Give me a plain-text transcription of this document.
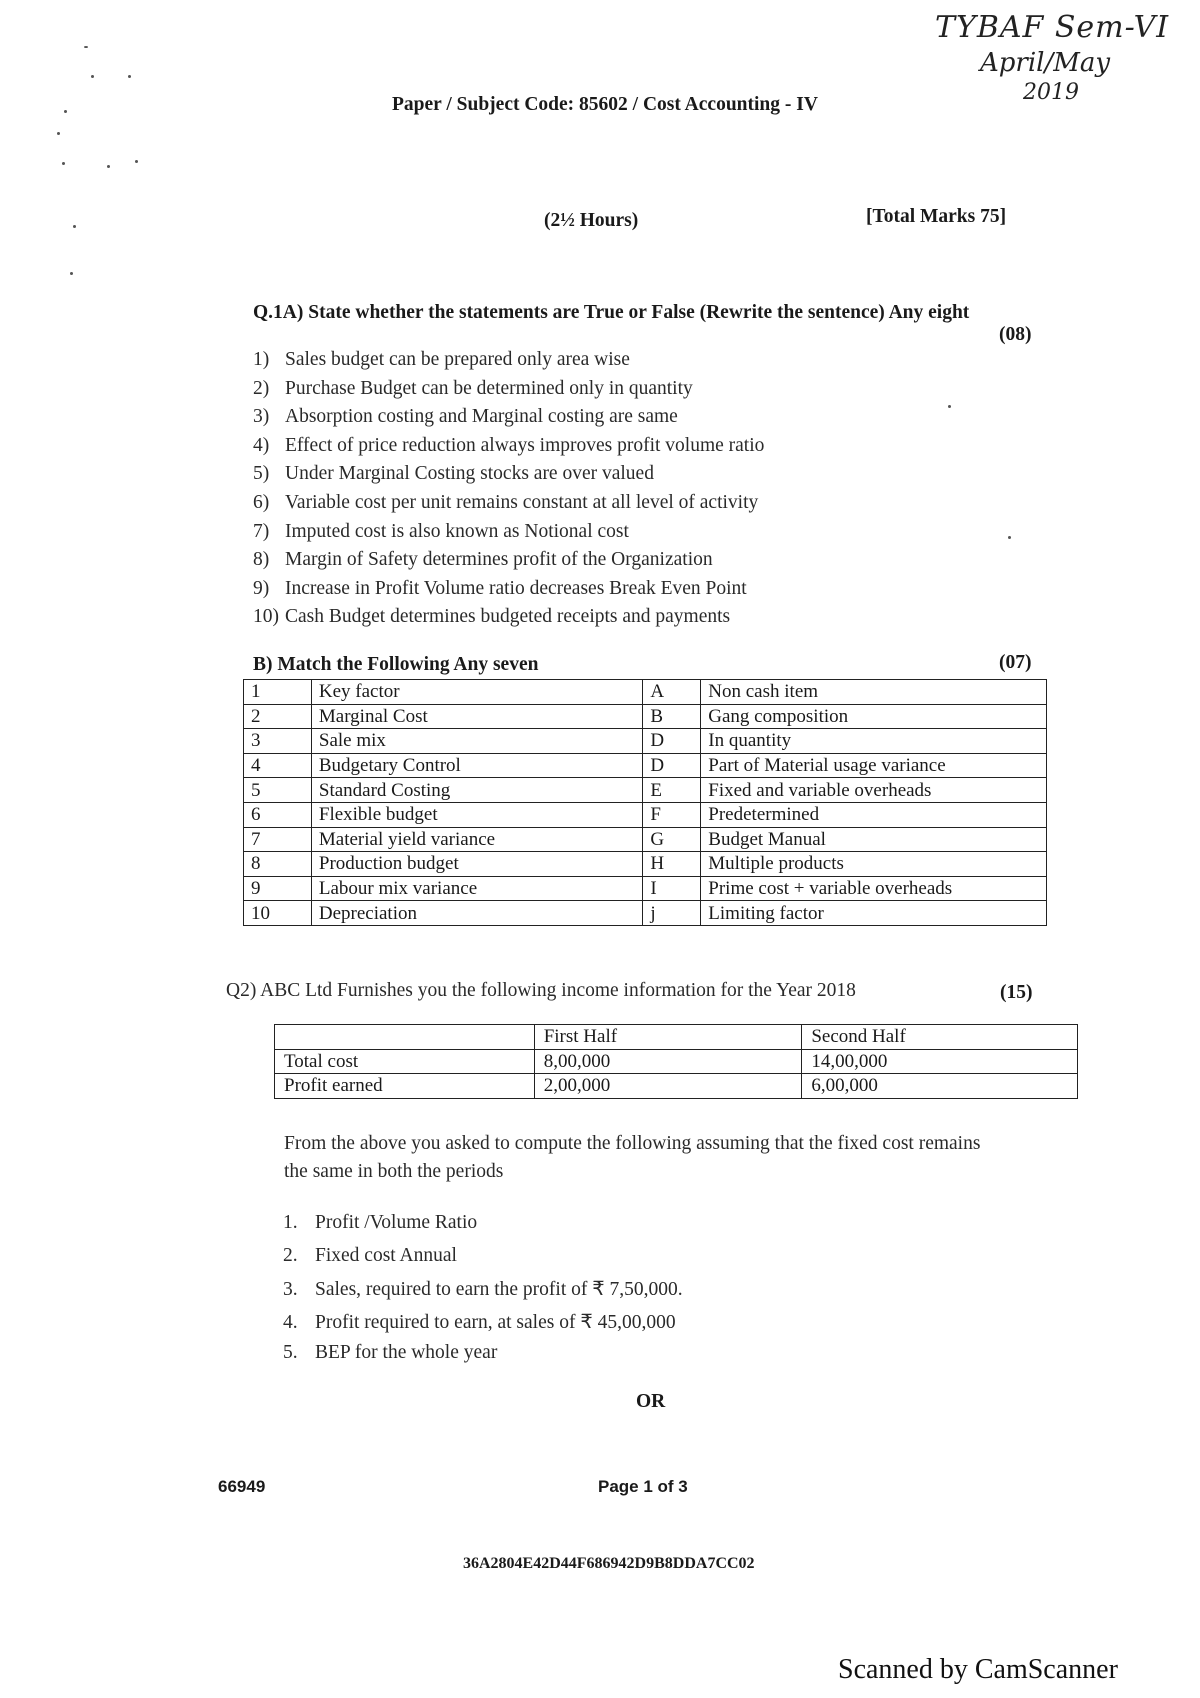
TYBAF Sem-VI
April/May
2019
Paper / Subject Code: 85602 / Cost Accounting - IV
(2½ Hours)	[Total Marks 75]
Q.1A) State whether the statements are True or False (Rewrite the sentence) Any eight
(08)
1) Sales budget can be prepared only area wise
2) Purchase Budget can be determined only in quantity
3) Absorption costing and Marginal costing are same
4) Effect of price reduction always improves profit volume ratio
5) Under Marginal Costing stocks are over valued
6) Variable cost per unit remains constant at all level of activity
7) Imputed cost is also known as Notional cost
8) Margin of Safety determines profit of the Organization
9) Increase in Profit Volume ratio decreases Break Even Point
10) Cash Budget determines budgeted receipts and payments
B) Match the Following Any seven	(07)
1	Key factor	A	Non cash item
2	Marginal Cost	B	Gang composition
3	Sale mix	D	In quantity
4	Budgetary Control	D	Part of Material usage variance
5	Standard Costing	E	Fixed and variable overheads
6	Flexible budget	F	Predetermined
7	Material yield variance	G	Budget Manual
8	Production budget	H	Multiple products
9	Labour mix variance	I	Prime cost + variable overheads
10	Depreciation	j	Limiting factor
Q2) ABC Ltd Furnishes you the following income information for the Year 2018	(15)
	First Half	Second Half
Total cost	8,00,000	14,00,000
Profit earned	2,00,000	6,00,000
From the above you asked to compute the following assuming that the fixed cost remains
the same in both the periods
1. Profit /Volume Ratio
2. Fixed cost Annual
3. Sales, required to earn the profit of ₹ 7,50,000.
4. Profit required to earn, at sales of ₹ 45,00,000
5. BEP for the whole year
OR
66949	Page 1 of 3
36A2804E42D44F686942D9B8DDA7CC02
Scanned by CamScanner
